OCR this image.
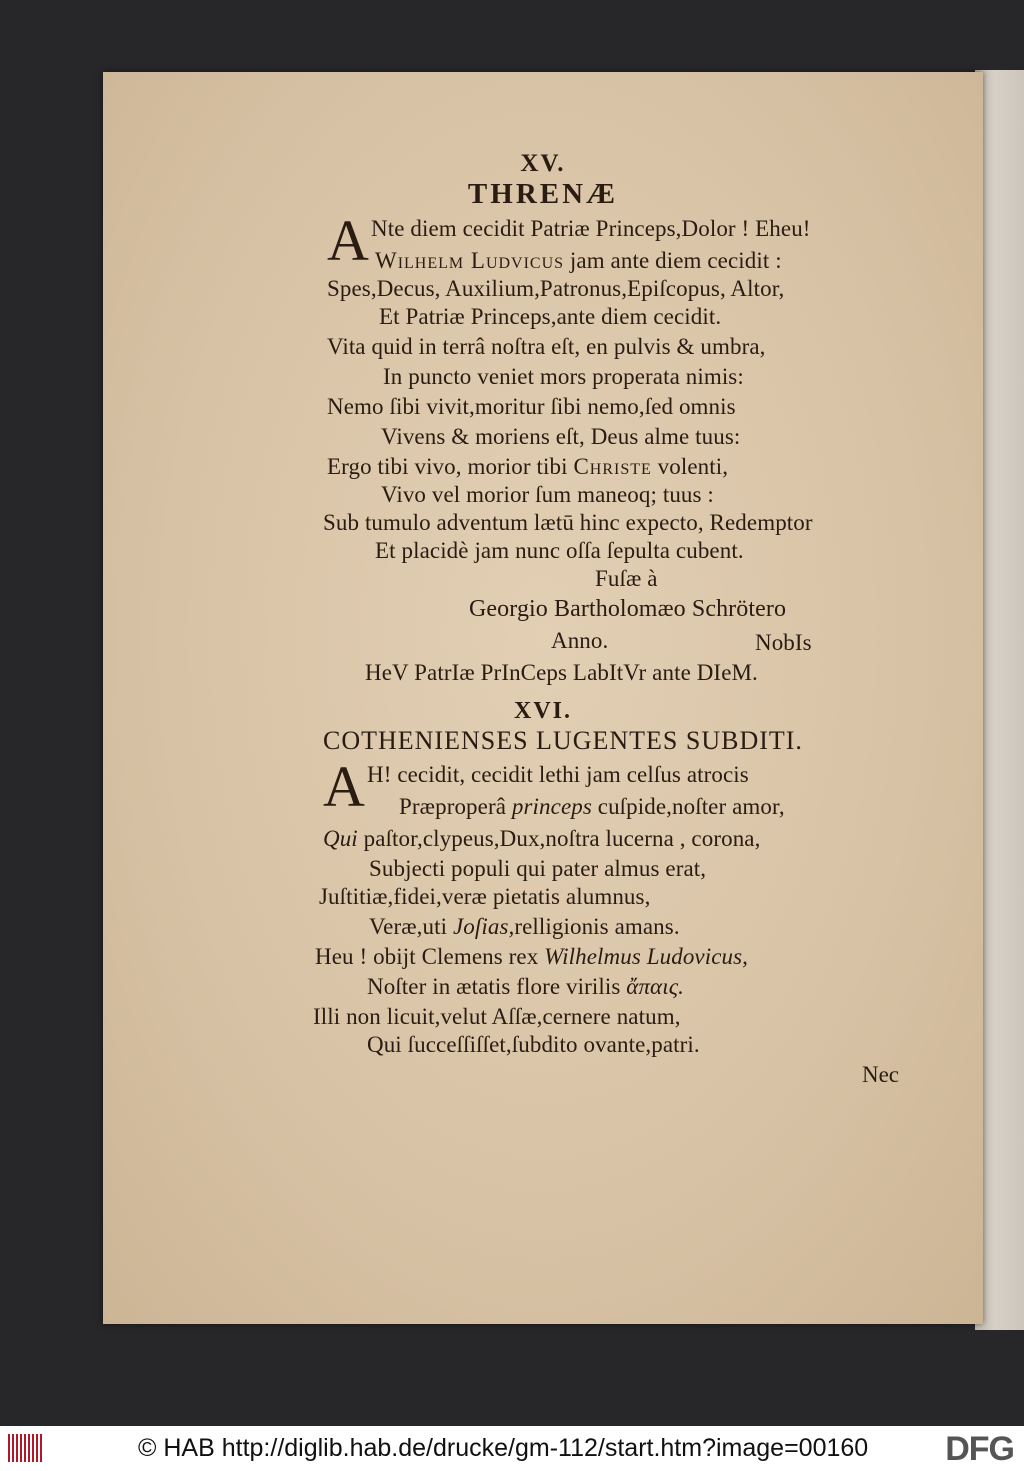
XV.
THRENÆ
A Nte diem cecidit Patriæ Princeps,Dolor ! Eheu!
Wilhelm Ludvicus jam ante diem cecidit :
Spes,Decus, Auxilium,Patronus,Epiſcopus, Altor,
Et Patriæ Princeps,ante diem cecidit.
Vita quid in terrâ noſtra eſt, en pulvis & umbra,
In puncto veniet mors properata nimis:
Nemo ſibi vivit,moritur ſibi nemo,ſed omnis
Vivens & moriens eſt, Deus alme tuus:
Ergo tibi vivo, morior tibi Christe volenti,
Vivo vel morior ſum maneoq; tuus :
Sub tumulo adventum lætū hinc expecto, Redemptor
Et placidè jam nunc oſſa ſepulta cubent.
Fuſæ à
Georgio Bartholomæo Schrötero
Anno.	NobIs
HeV PatrIæ PrInCeps LabItVr ante DIeM.
XVI.
COTHENIENSES LUGENTES SUBDITI.
A H! cecidit, cecidit lethi jam celſus atrocis
Præproperâ princeps cuſpide,noſter amor,
Qui paſtor,clypeus,Dux,noſtra lucerna , corona,
Subjecti populi qui pater almus erat,
Juſtitiæ,fidei,veræ pietatis alumnus,
Veræ,uti Joſias,relligionis amans.
Heu ! obijt Clemens rex Wilhelmus Ludovicus,
Noſter in ætatis flore virilis ἄπαις.
Illi non licuit,velut Aſſæ,cernere natum,
Qui ſucceſſiſſet,ſubdito ovante,patri.
Nec
© HAB http://diglib.hab.de/drucke/gm-112/start.htm?image=00160 DFG
